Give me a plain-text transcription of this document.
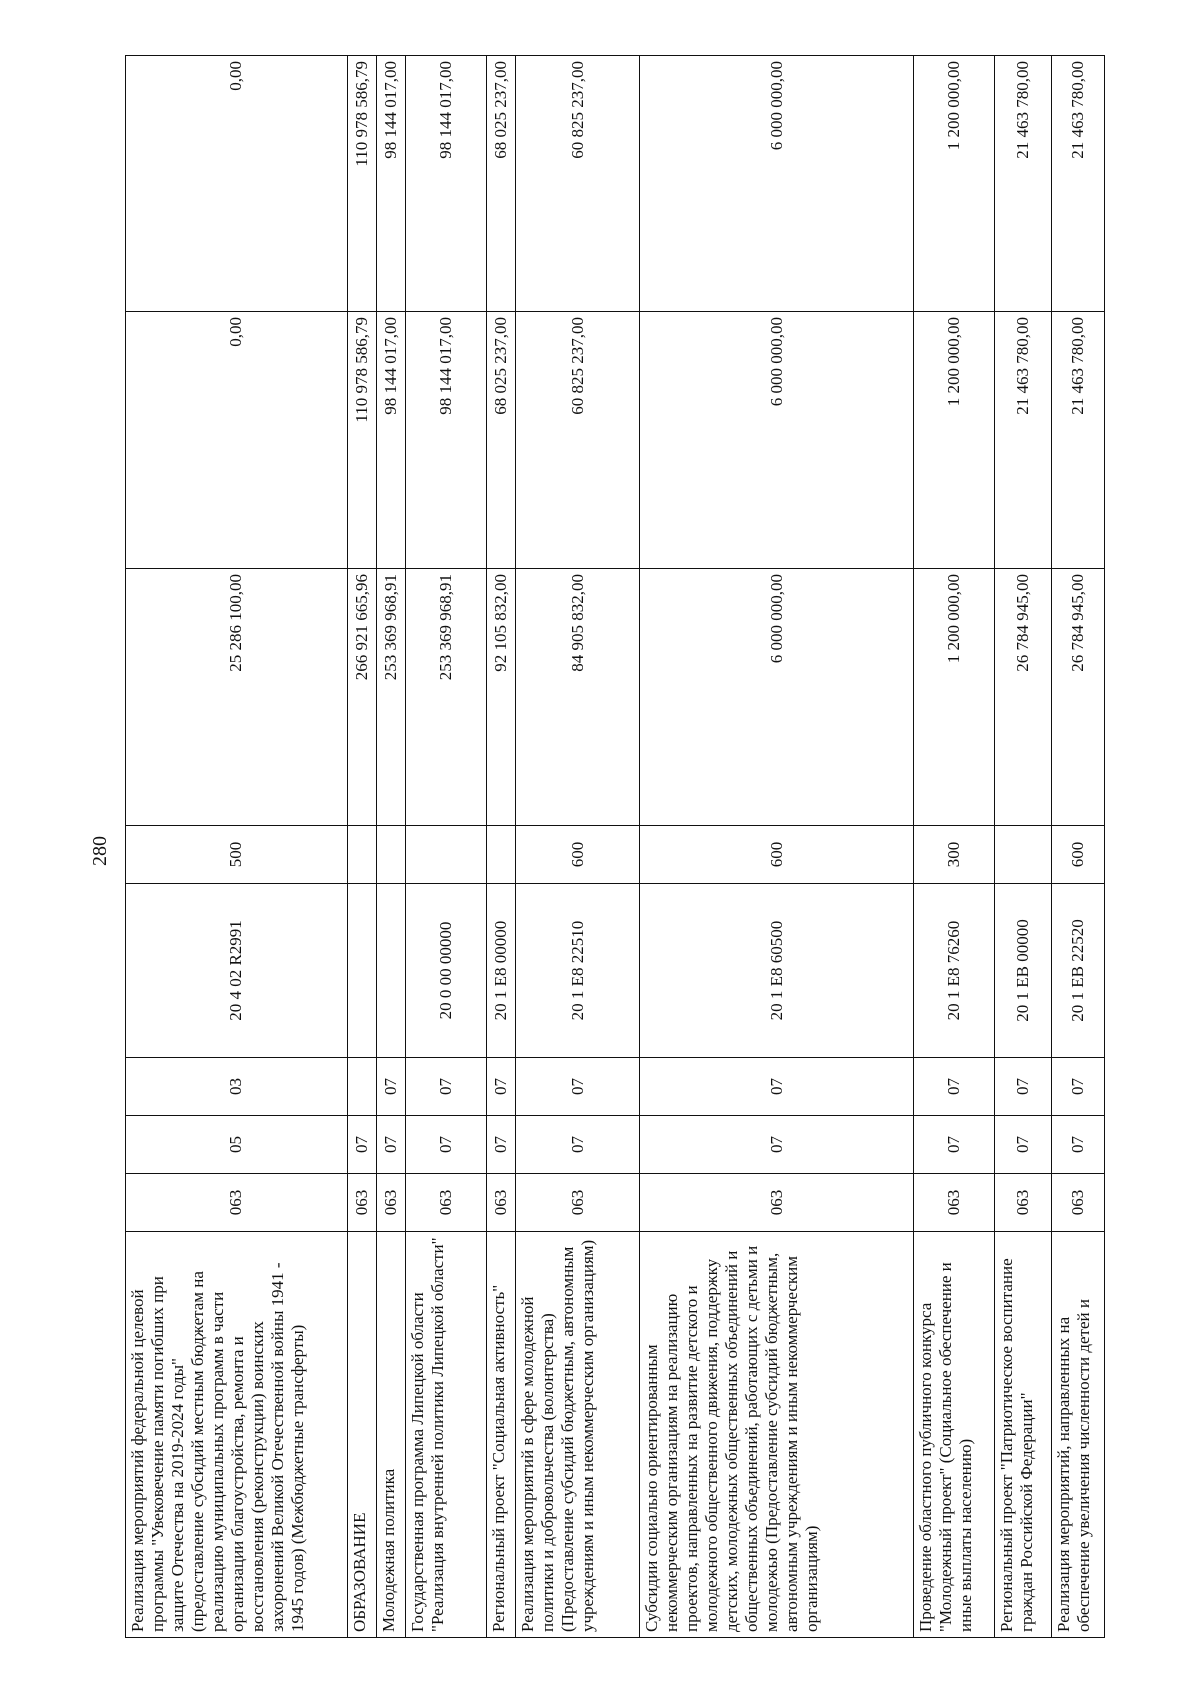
280
Реализация мероприятий федеральной целевой программы "Увековечение памяти погибших при защите Отечества на 2019-2024 годы" (предоставление субсидий местным бюджетам на реализацию муниципальных программ в части организации благоустройства, ремонта и восстановления (реконструкции) воинских захоронений Великой Отечественной войны 1941 - 1945 годов) (Межбюджетные трансферты)	063	05	03	20 4 02 R2991	500	25 286 100,00	0,00	0,00
ОБРАЗОВАНИЕ	063	07				266 921 665,96	110 978 586,79	110 978 586,79
Молодежная политика	063	07	07			253 369 968,91	98 144 017,00	98 144 017,00
Государственная программа Липецкой области "Реализация внутренней политики Липецкой области"	063	07	07	20 0 00 00000		253 369 968,91	98 144 017,00	98 144 017,00
Региональный проект "Социальная активность"	063	07	07	20 1 E8 00000		92 105 832,00	68 025 237,00	68 025 237,00
Реализация мероприятий в сфере молодежной политики и добровольчества (волонтерства) (Предоставление субсидий бюджетным, автономным учреждениям и иным некоммерческим организациям)	063	07	07	20 1 E8 22510	600	84 905 832,00	60 825 237,00	60 825 237,00
Субсидии социально ориентированным некоммерческим организациям на реализацию проектов, направленных на развитие детского и молодежного общественного движения, поддержку детских, молодежных общественных объединений и общественных объединений, работающих с детьми и молодежью (Предоставление субсидий бюджетным, автономным учреждениям и иным некоммерческим организациям)	063	07	07	20 1 E8 60500	600	6 000 000,00	6 000 000,00	6 000 000,00
Проведение областного публичного конкурса "Молодежный проект" (Социальное обеспечение и иные выплаты населению)	063	07	07	20 1 E8 76260	300	1 200 000,00	1 200 000,00	1 200 000,00
Региональный проект "Патриотическое воспитание граждан Российской Федерации"	063	07	07	20 1 EB 00000		26 784 945,00	21 463 780,00	21 463 780,00
Реализация мероприятий, направленных на обеспечение увеличения численности детей и	063	07	07	20 1 EB 22520	600	26 784 945,00	21 463 780,00	21 463 780,00
